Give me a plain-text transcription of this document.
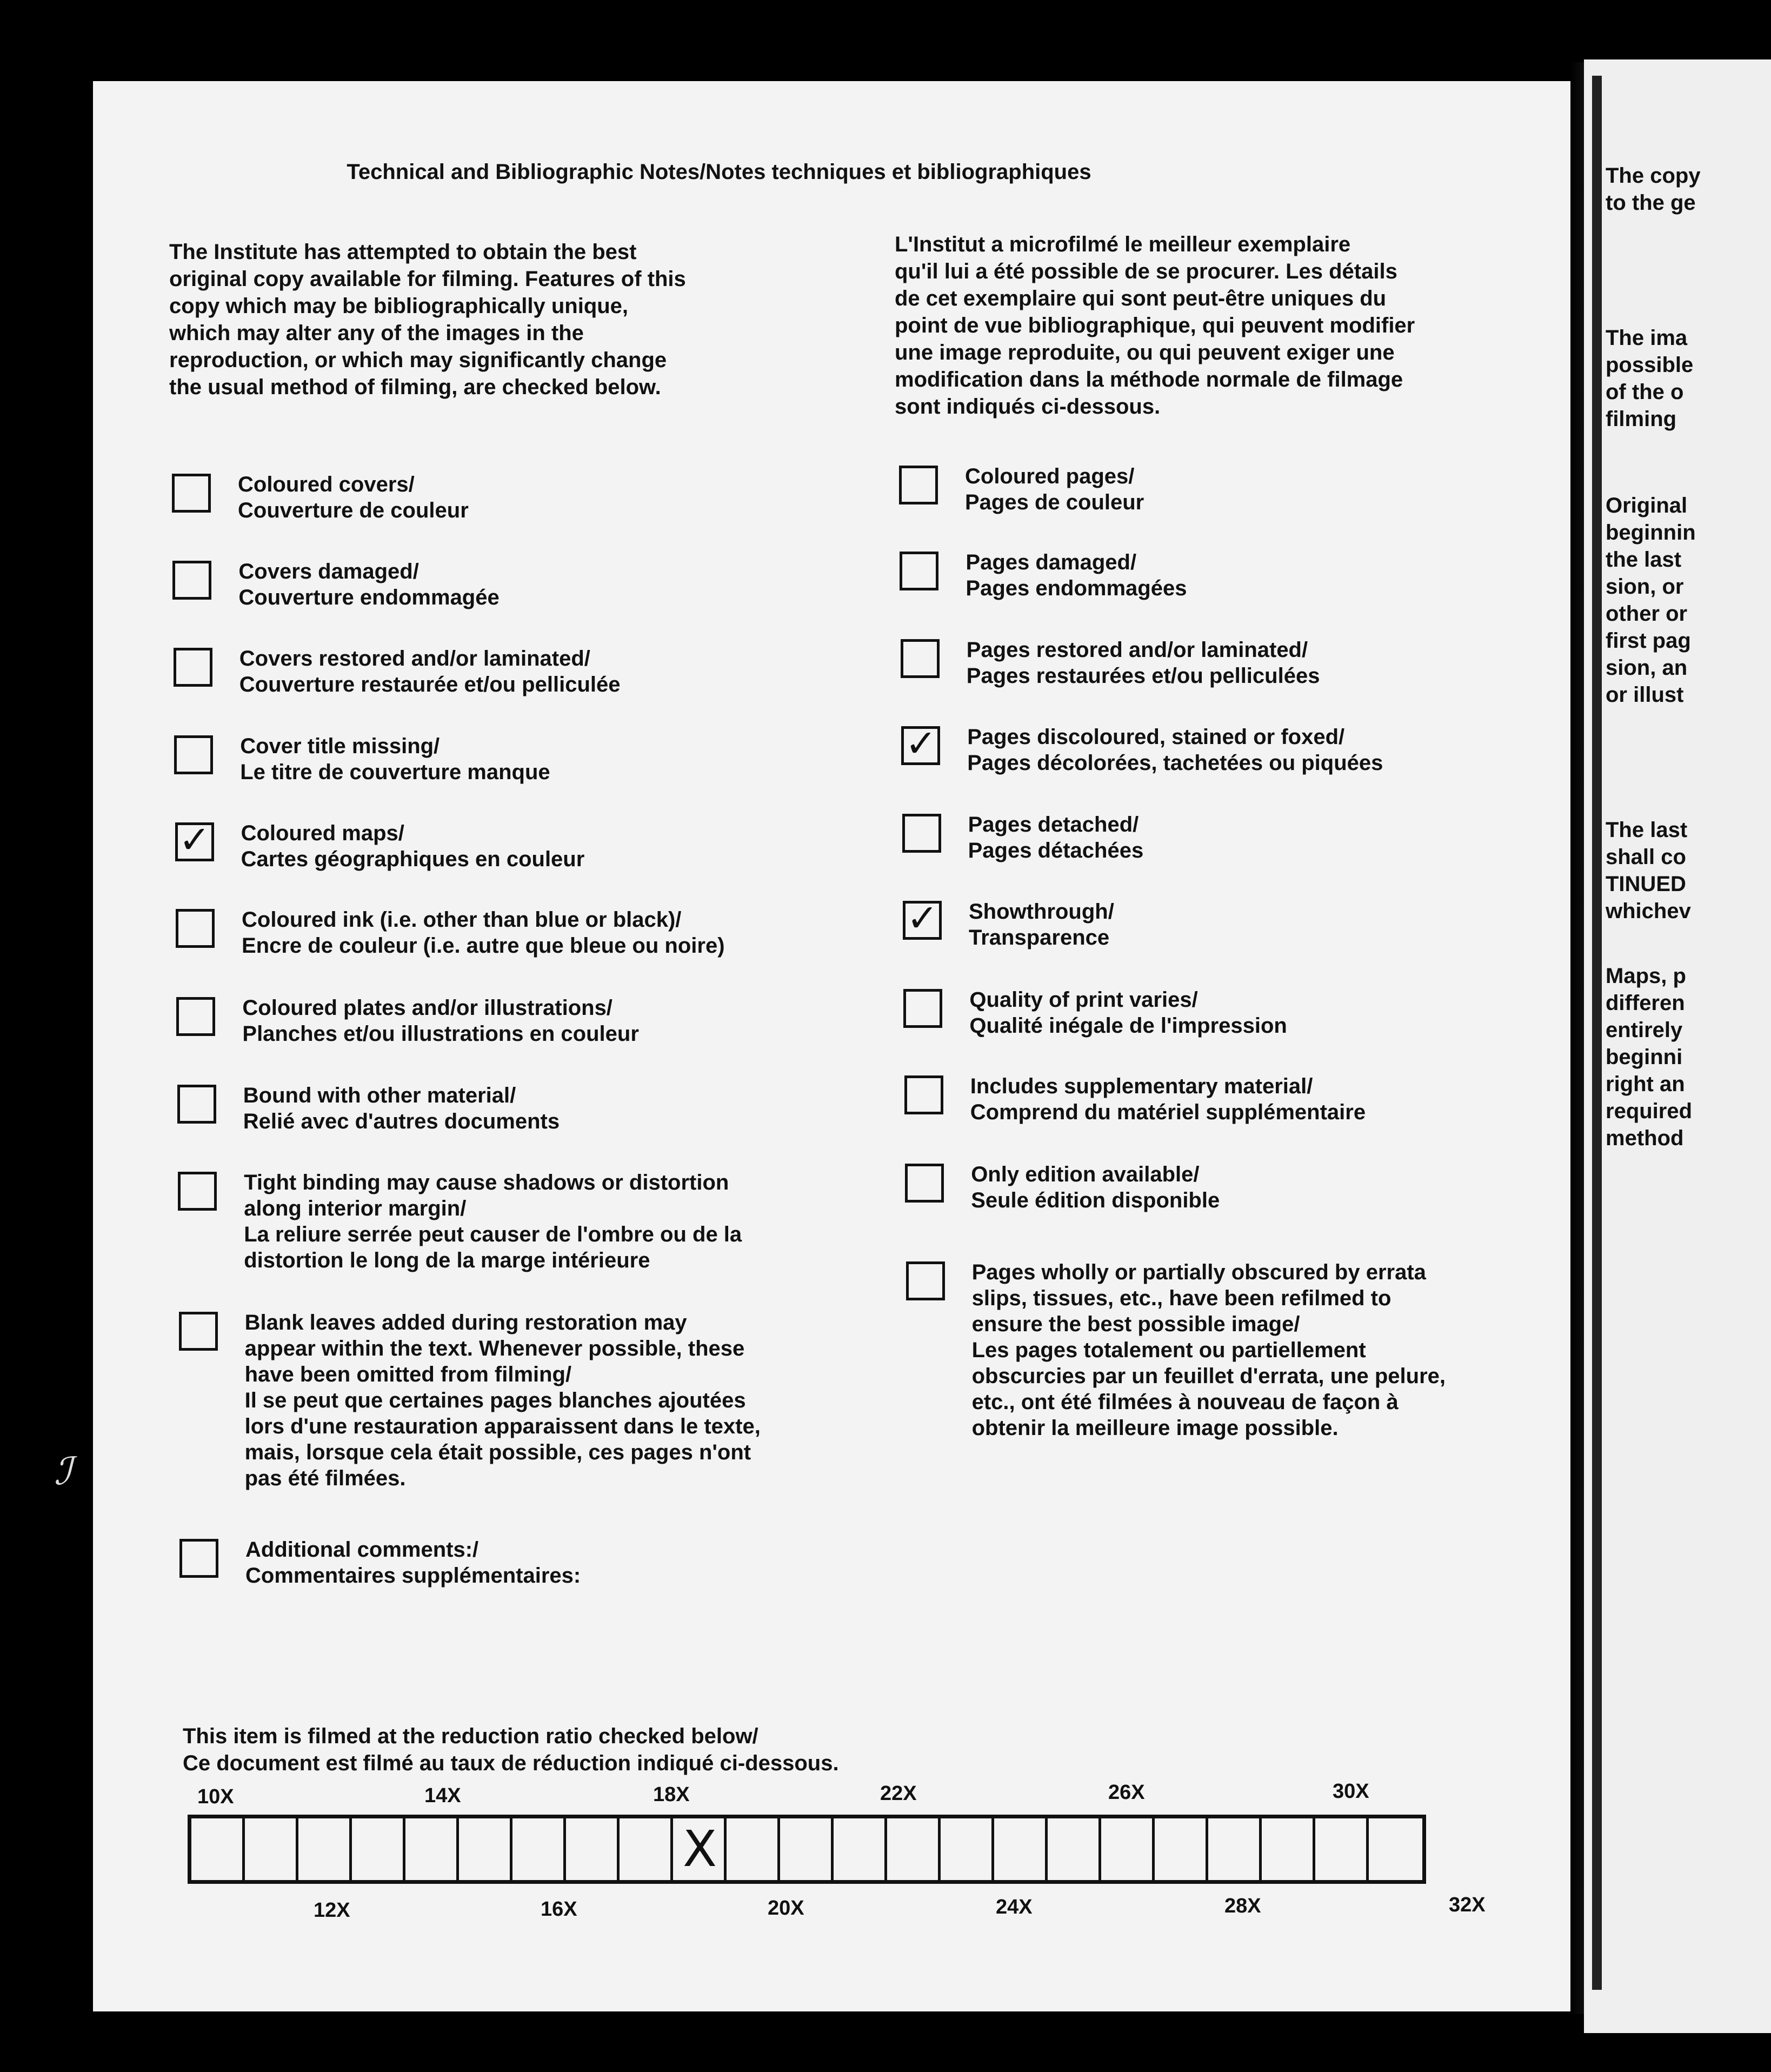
The copy
to the ge
The ima
possible
of the o
filming
Original
beginnin
the last
sion, or
other or
first pag
sion, an
or illust
The last
shall co
TINUED
whichev
Maps, p
differen
entirely
beginni
right an
required
method
ℐ
Technical and Bibliographic Notes/Notes techniques et bibliographiques
The Institute has attempted to obtain the best
original copy available for filming. Features of this
copy which may be bibliographically unique,
which may alter any of the images in the
reproduction, or which may significantly change
the usual method of filming, are checked below.
L'Institut a microfilmé le meilleur exemplaire
qu'il lui a été possible de se procurer. Les détails
de cet exemplaire qui sont peut-être uniques du
point de vue bibliographique, qui peuvent modifier
une image reproduite, ou qui peuvent exiger une
modification dans la méthode normale de filmage
sont indiqués ci-dessous.
Coloured covers/
Couverture de couleur
Covers damaged/
Couverture endommagée
Covers restored and/or laminated/
Couverture restaurée et/ou pelliculée
Cover title missing/
Le titre de couverture manque
✓ Coloured maps/
Cartes géographiques en couleur
Coloured ink (i.e. other than blue or black)/
Encre de couleur (i.e. autre que bleue ou noire)
Coloured plates and/or illustrations/
Planches et/ou illustrations en couleur
Bound with other material/
Relié avec d'autres documents
Tight binding may cause shadows or distortion
along interior margin/
La reliure serrée peut causer de l'ombre ou de la
distortion le long de la marge intérieure
Blank leaves added during restoration may
appear within the text. Whenever possible, these
have been omitted from filming/
Il se peut que certaines pages blanches ajoutées
lors d'une restauration apparaissent dans le texte,
mais, lorsque cela était possible, ces pages n'ont
pas été filmées.
Additional comments:/
Commentaires supplémentaires:
Coloured pages/
Pages de couleur
Pages damaged/
Pages endommagées
Pages restored and/or laminated/
Pages restaurées et/ou pelliculées
✓ Pages discoloured, stained or foxed/
Pages décolorées, tachetées ou piquées
Pages detached/
Pages détachées
✓ Showthrough/
Transparence
Quality of print varies/
Qualité inégale de l'impression
Includes supplementary material/
Comprend du matériel supplémentaire
Only edition available/
Seule édition disponible
Pages wholly or partially obscured by errata
slips, tissues, etc., have been refilmed to
ensure the best possible image/
Les pages totalement ou partiellement
obscurcies par un feuillet d'errata, une pelure,
etc., ont été filmées à nouveau de façon à
obtenir la meilleure image possible.
This item is filmed at the reduction ratio checked below/
Ce document est filmé au taux de réduction indiqué ci-dessous.
X
10X	14X	18X	22X	26X	30X
12X	16X	20X	24X	28X	32X
